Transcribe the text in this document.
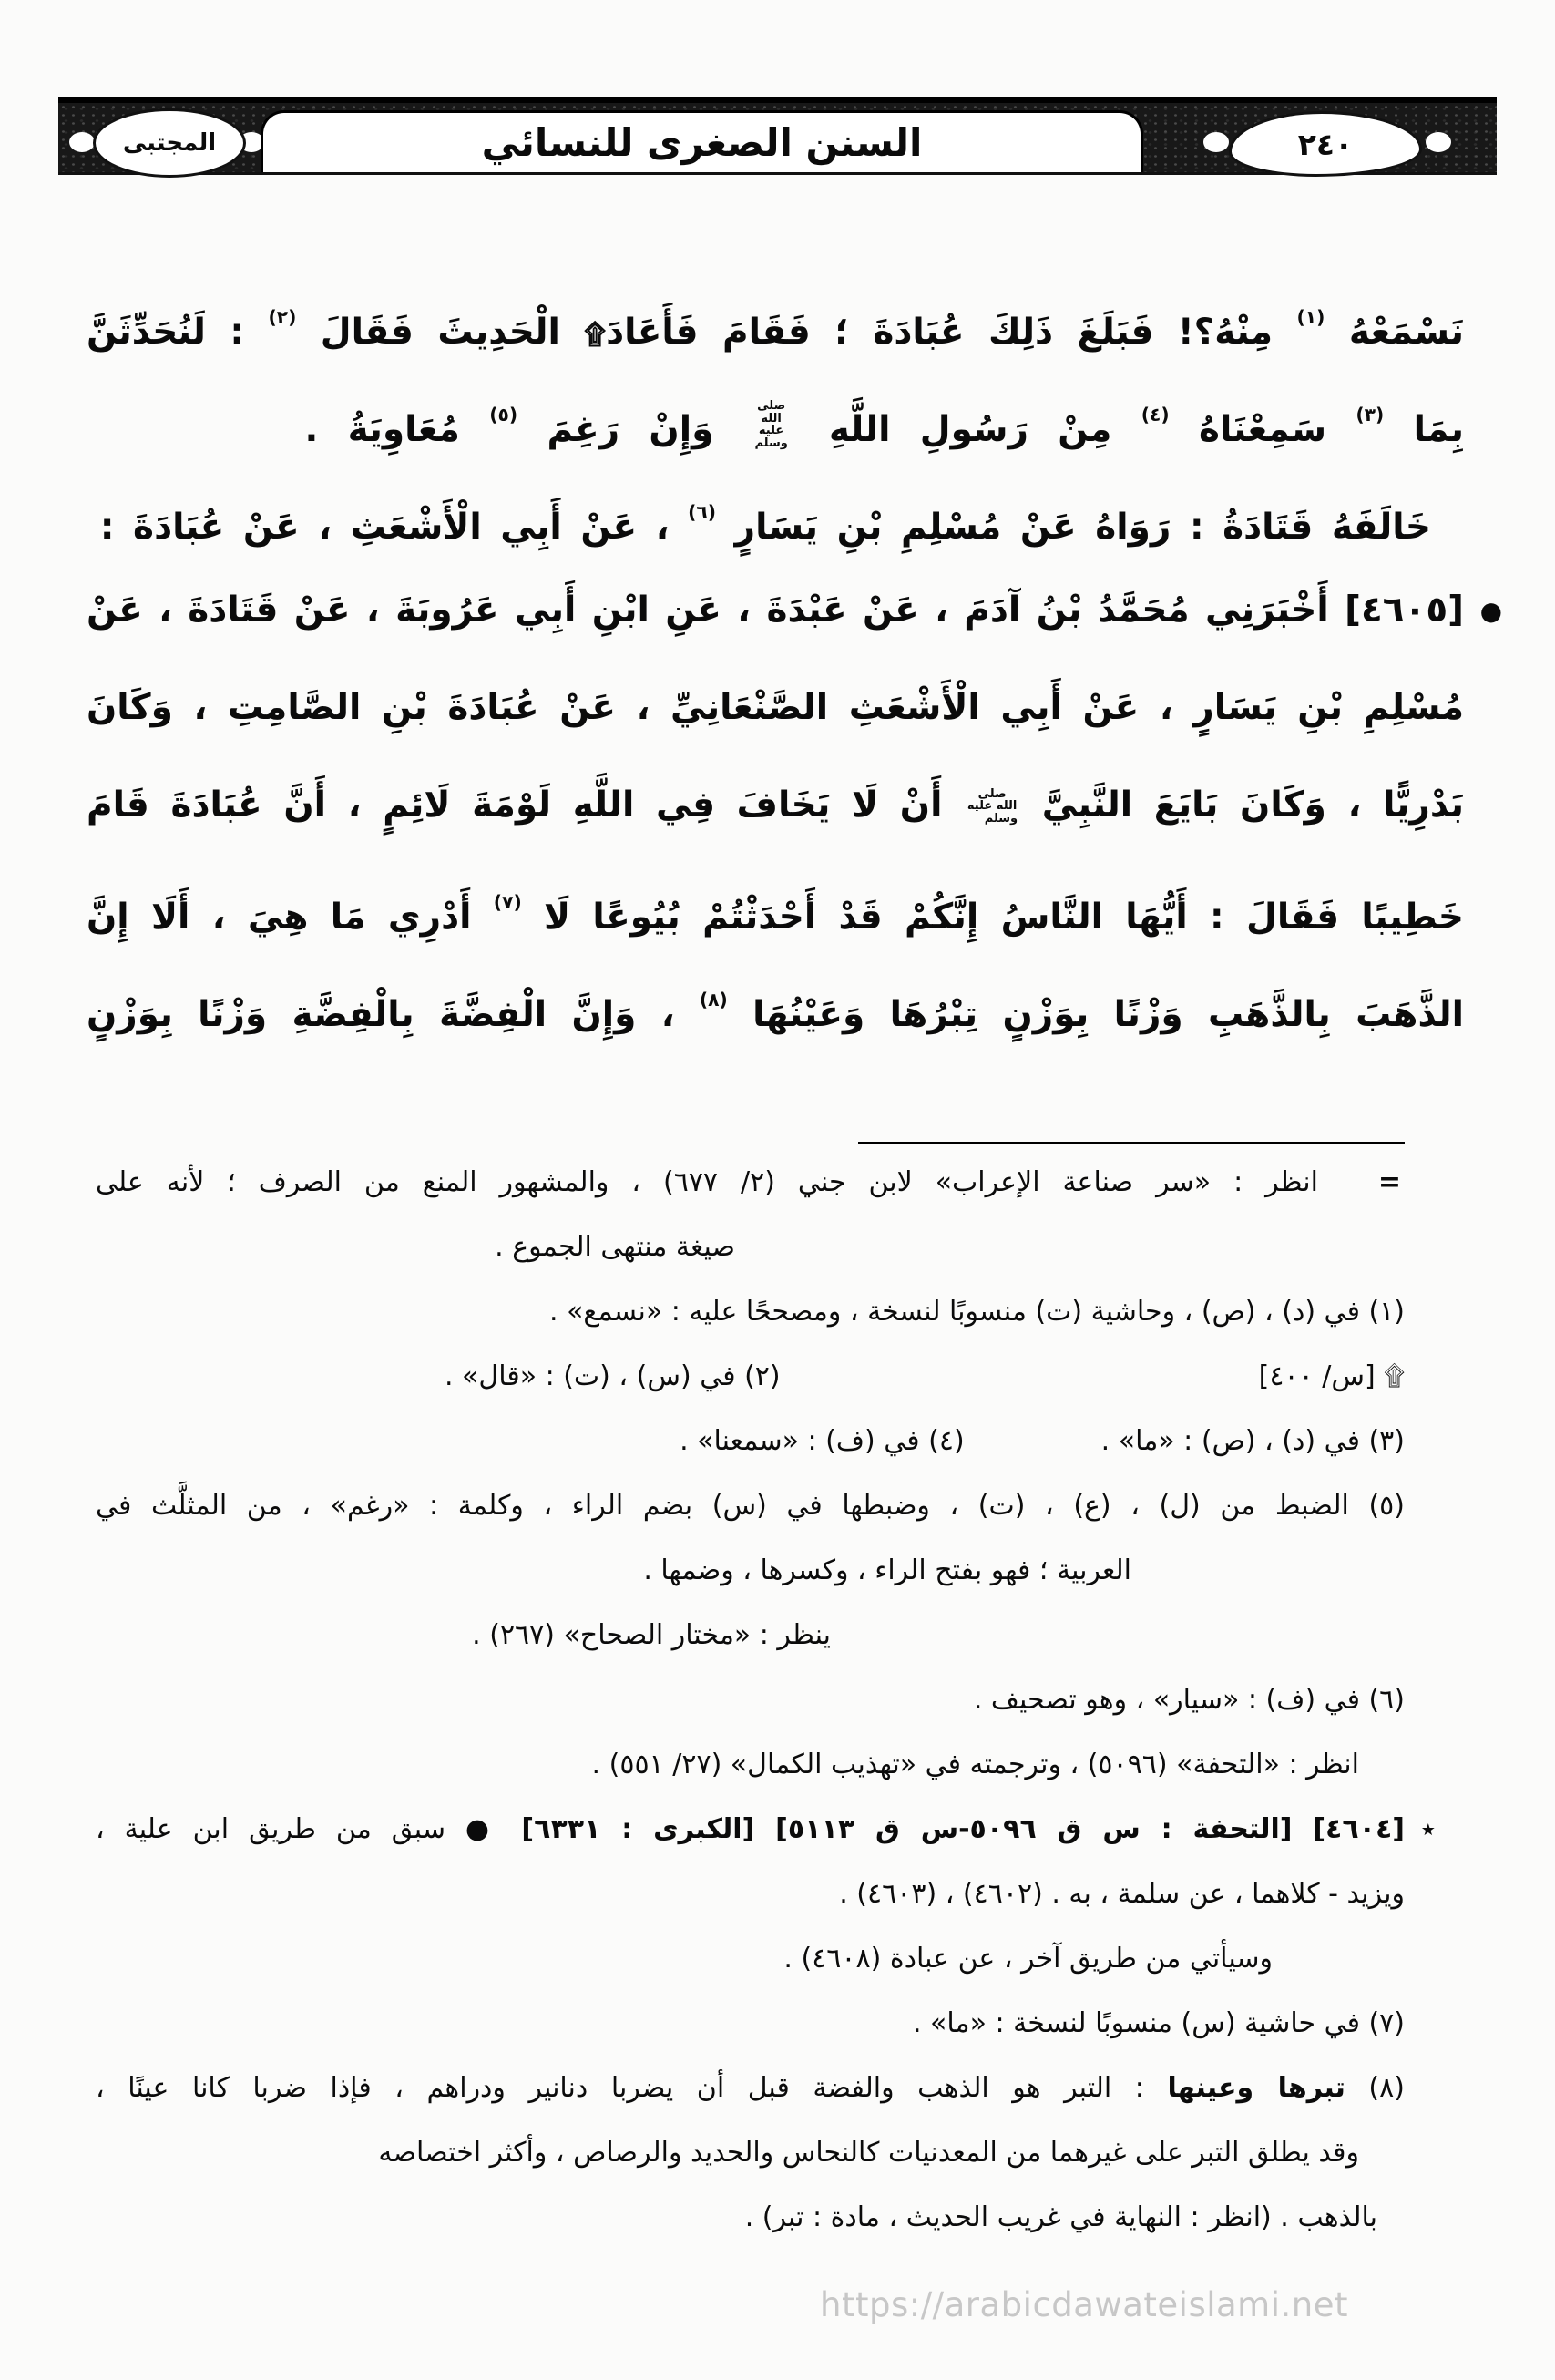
المجتبى	السنن الصغرى للنسائي	٢٤٠
نَسْمَعْهُ $^{(١)}$ مِنْهُ؟! فَبَلَغَ ذَلِكَ عُبَادَةَ ؛ فَقَامَ فَأَعَادَ۩ الْحَدِيثَ فَقَالَ $^{(٢)}$ : لَنُحَدِّثَنَّ
بِمَا $^{(٣)}$ سَمِعْنَاهُ $^{(٤)}$ مِنْ رَسُولِ اللَّهِ صلى الله عليه وسلم وَإِنْ رَغِمَ $^{(٥)}$ مُعَاوِيَةُ .
خَالَفَهُ قَتَادَةُ : رَوَاهُ عَنْ مُسْلِمِ بْنِ يَسَارٍ $^{(٦)}$ ، عَنْ أَبِي الْأَشْعَثِ ، عَنْ عُبَادَةَ :
●
[٤٦٠٥] أَخْبَرَنِي مُحَمَّدُ بْنُ آدَمَ ، عَنْ عَبْدَةَ ، عَنِ ابْنِ أَبِي عَرُوبَةَ ، عَنْ قَتَادَةَ ، عَنْ
مُسْلِمِ بْنِ يَسَارٍ ، عَنْ أَبِي الْأَشْعَثِ الصَّنْعَانِيِّ ، عَنْ عُبَادَةَ بْنِ الصَّامِتِ ، وَكَانَ
بَدْرِيًّا ، وَكَانَ بَايَعَ النَّبِيَّ صلى الله عليه وسلم أَنْ لَا يَخَافَ فِي اللَّهِ لَوْمَةَ لَائِمٍ ، أَنَّ عُبَادَةَ قَامَ
خَطِيبًا فَقَالَ : أَيُّهَا النَّاسُ إِنَّكُمْ قَدْ أَحْدَثْتُمْ بُيُوعًا لَا $^{(٧)}$ أَدْرِي مَا هِيَ ، أَلَا إِنَّ
الذَّهَبَ بِالذَّهَبِ وَزْنًا بِوَزْنٍ تِبْرُهَا وَعَيْنُهَا $^{(٨)}$ ، وَإِنَّ الْفِضَّةَ بِالْفِضَّةِ وَزْنًا بِوَزْنٍ
=
انظر : «سر صناعة الإعراب» لابن جني (٢/ ٦٧٧) ، والمشهور المنع من الصرف ؛ لأنه على
صيغة منتهى الجموع .
(١) في (د) ، (ص) ، وحاشية (ت) منسوبًا لنسخة ، ومصححًا عليه : «نسمع» .
۩ [س/ ٤٠٠]
(٢) في (س) ، (ت) : «قال» .
(٣) في (د) ، (ص) : «ما» .
(٤) في (ف) : «سمعنا» .
(٥) الضبط من (ل) ، (ع) ، (ت) ، وضبطها في (س) بضم الراء ، وكلمة : «رغم» ، من المثلَّث في
العربية ؛ فهو بفتح الراء ، وكسرها ، وضمها .
ينظر : «مختار الصحاح» (٢٦٧) .
(٦) في (ف) : «سيار» ، وهو تصحيف .
انظر : «التحفة» (٥٠٩٦) ، وترجمته في «تهذيب الكمال» (٢٧/ ٥٥١) .
٭
[٤٦٠٤] [التحفة : س ق ٥٠٩٦-س ق ٥١١٣] [الكبرى : ٦٣٣١] ● سبق من طريق ابن علية ،
ويزيد - كلاهما ، عن سلمة ، به . (٤٦٠٢) ، (٤٦٠٣) .
وسيأتي من طريق آخر ، عن عبادة (٤٦٠٨) .
(٧) في حاشية (س) منسوبًا لنسخة : «ما» .
(٨) تبرها وعينها : التبر هو الذهب والفضة قبل أن يضربا دنانير ودراهم ، فإذا ضربا كانا عينًا ،
وقد يطلق التبر على غيرهما من المعدنيات كالنحاس والحديد والرصاص ، وأكثر اختصاصه
بالذهب . (انظر : النهاية في غريب الحديث ، مادة : تبر) .
https://arabicdawateislami.net
